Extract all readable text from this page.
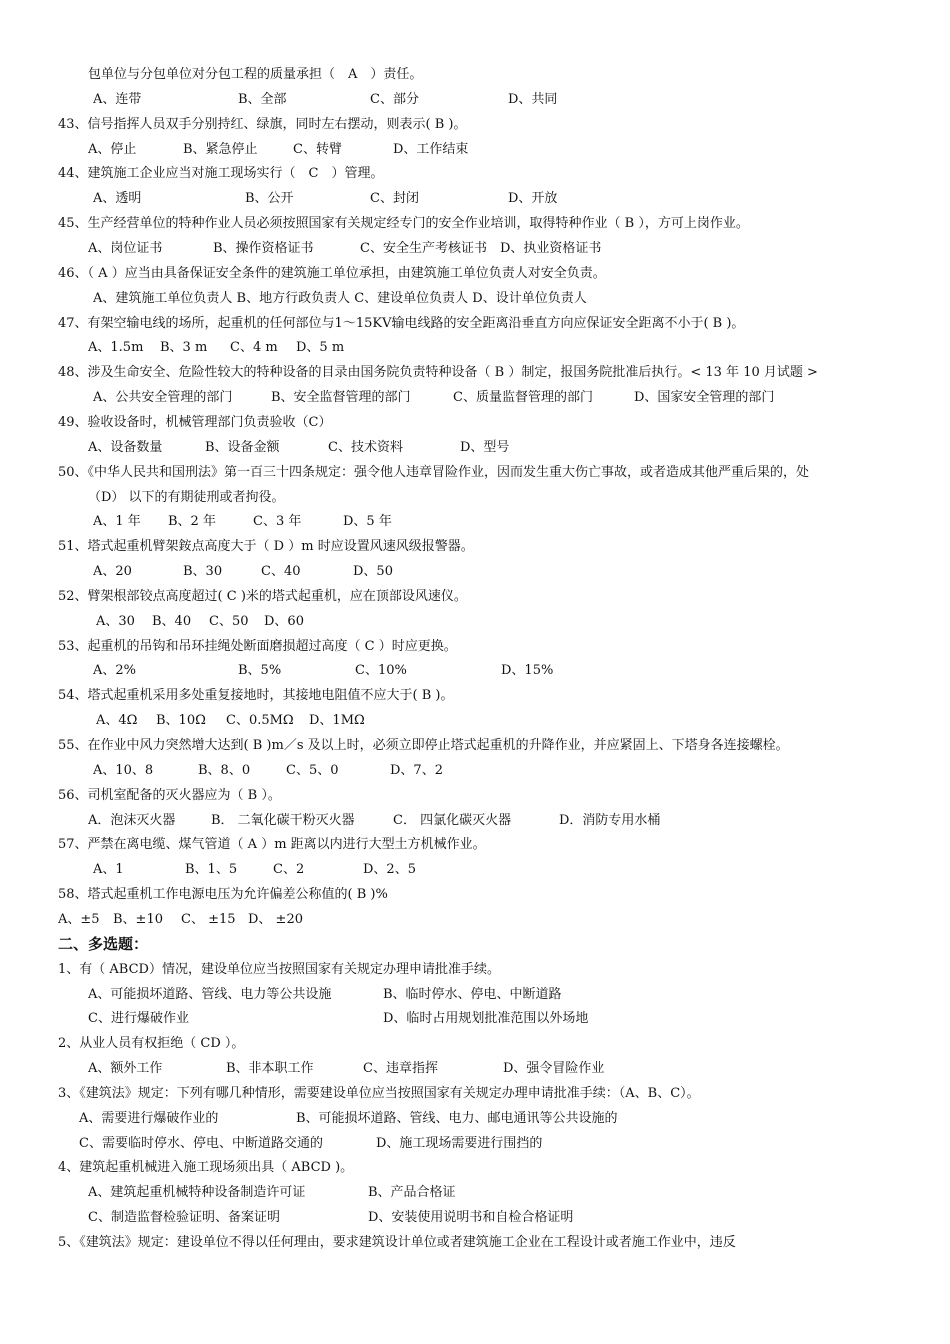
包单位与分包单位对分包工程的质量承担（　A　）责任。
A、连带	B、全部	C、部分	D、共同
43、信号指挥人员双手分别持红、绿旗，同时左右摆动，则表示( B )。
A、停止	B、紧急停止	C、转臂	D、工作结束
44、建筑施工企业应当对施工现场实行（　C　）管理。
A、透明	B、公开	C、封闭	D、开放
45、生产经营单位的特种作业人员必须按照国家有关规定经专门的安全作业培训，取得特种作业（ B ），方可上岗作业。
A、岗位证书	B、操作资格证书	C、安全生产考核证书 D、执业资格证书
46、（ A ）应当由具备保证安全条件的建筑施工单位承担，由建筑施工单位负责人对安全负责。
A、建筑施工单位负责人 B、地方行政负责人 C、建设单位负责人 D、设计单位负责人
47、有架空输电线的场所，起重机的任何部位与1～15KV输电线路的安全距离沿垂直方向应保证安全距离不小于( B )。
A、1.5m B、3 m C、4 m D、5 m
48、涉及生命安全、危险性较大的特种设备的目录由国务院负责特种设备（ B ）制定，报国务院批准后执行。< 13 年 10 月试题 >
A、公共安全管理的部门	B、安全监督管理的部门	C、质量监督管理的部门	D、国家安全管理的部门
49、验收设备时，机械管理部门负责验收（C）
A、设备数量	B、设备金额	C、技术资料	D、型号
50、《中华人民共和国刑法》第一百三十四条规定：强令他人违章冒险作业，因而发生重大伤亡事故，或者造成其他严重后果的，处
（D） 以下的有期徒刑或者拘役。
A、1 年 B、2 年	C、3 年	D、5 年
51、塔式起重机臂架銨点高度大于（ D ）m 时应设置风速风级报警器。
A、20	B、30	C、40	D、50
52、臂架根部铰点高度超过( C )米的塔式起重机，应在顶部设风速仪。
A、30 B、40 C、50 D、60
53、起重机的吊钩和吊环挂绳处断面磨损超过高度（ C ）时应更换。
A、2%	B、5%	C、10%	D、15%
54、塔式起重机采用多处重复接地时，其接地电阻值不应大于( B )。
A、4Ω B、10Ω C、0.5MΩ D、1MΩ
55、在作业中风力突然增大达到( B )m／s 及以上时，必须立即停止塔式起重机的升降作业，并应紧固上、下塔身各连接螺栓。
A、10、8	B、8、0	C、5、0	D、7、2
56、司机室配备的灭火器应为（ B ）。
A．泡沫灭火器	B． 二氧化碳干粉灭火器	C． 四氯化碳灭火器	D．消防专用水桶
57、严禁在离电缆、煤气管道（ A ）m 距离以内进行大型土方机械作业。
A、1	B、1、5	C、2	D、2、5
58、塔式起重机工作电源电压为允许偏差公称值的( B )%
A、±5 B、±10 C、 ±15 D、 ±20
二、多选题：
1、有（ ABCD）情况，建设单位应当按照国家有关规定办理申请批准手续。
A、可能损坏道路、管线、电力等公共设施	B、临时停水、停电、中断道路
C、进行爆破作业	D、临时占用规划批准范围以外场地
2、从业人员有权拒绝（ CD ）。
A、额外工作	B、非本职工作	C、违章指挥	D、强令冒险作业
3、《建筑法》规定：下列有哪几种情形，需要建设单位应当按照国家有关规定办理申请批准手续：（A、B、C）。
A、需要进行爆破作业的	B、可能损坏道路、管线、电力、邮电通讯等公共设施的
C、需要临时停水、停电、中断道路交通的	D、施工现场需要进行围挡的
4、建筑起重机械进入施工现场须出具（ ABCD )。
A、建筑起重机械特种设备制造许可证	B、产品合格证
C、制造监督检验证明、备案证明	D、安装使用说明书和自检合格证明
5、《建筑法》规定：建设单位不得以任何理由，要求建筑设计单位或者建筑施工企业在工程设计或者施工作业中，违反
